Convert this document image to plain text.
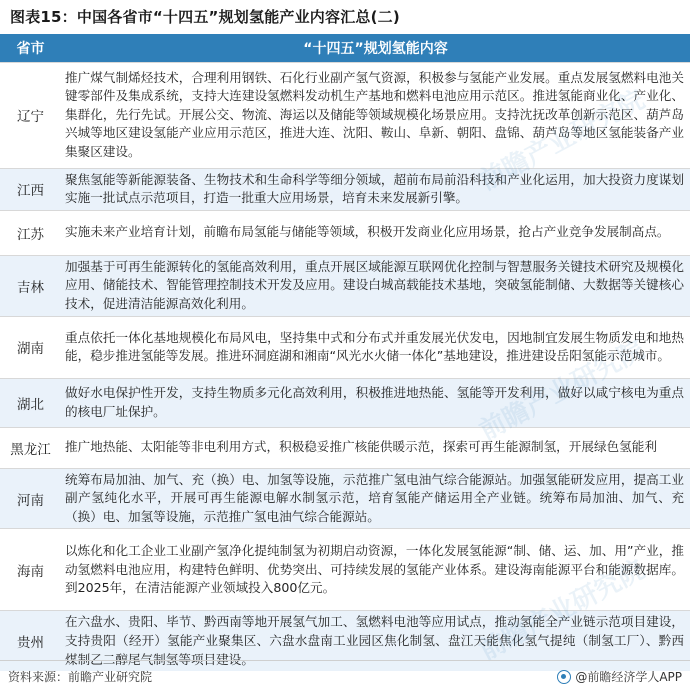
图表15：中国各省市“十四五”规划氢能产业内容汇总(二)
省市	“十四五”规划氢能内容
辽宁	推广煤气制烯烃技术，合理利用钢铁、石化行业副产氢气资源，积极参与氢能产业发展。重点发展氢燃料电池关键零部件及集成系统，支持大连建设氢燃料发动机生产基地和燃料电池应用示范区。推进氢能商业化、产业化、集群化，先行先试。开展公交、物流、海运以及储能等领域规模化场景应用。支持沈抚改革创新示范区、葫芦岛兴城等地区建设氢能产业应用示范区，推进大连、沈阳、鞍山、阜新、朝阳、盘锦、葫芦岛等地区氢能装备产业集聚区建设。
江西	聚焦氢能等新能源装备、生物技术和生命科学等细分领域，超前布局前沿科技和产业化运用，加大投资力度谋划实施一批试点示范项目，打造一批重大应用场景，培育未来发展新引擎。
江苏	实施未来产业培育计划，前瞻布局氢能与储能等领域，积极开发商业化应用场景，抢占产业竞争发展制高点。
吉林	加强基于可再生能源转化的氢能高效利用，重点开展区域能源互联网优化控制与智慧服务关键技术研究及规模化应用、储能技术、智能管理控制技术开发及应用。建设白城高载能技术基地，突破氢能制储、大数据等关键核心技术，促进清洁能源高效化利用。
湖南	重点依托一体化基地规模化布局风电，坚持集中式和分布式并重发展光伏发电，因地制宜发展生物质发电和地热能，稳步推进氢能等发展。推进环洞庭湖和湘南“风光水火储一体化”基地建设，推进建设岳阳氢能示范城市。
湖北	做好水电保护性开发，支持生物质多元化高效利用，积极推进地热能、氢能等开发利用，做好以咸宁核电为重点的核电厂址保护。
黑龙江	推广地热能、太阳能等非电利用方式，积极稳妥推广核能供暖示范，探索可再生能源制氢，开展绿色氢能利
河南	统筹布局加油、加气、充（换）电、加氢等设施，示范推广氢电油气综合能源站。加强氢能研发应用，提高工业副产氢纯化水平，开展可再生能源电解水制氢示范，培育氢能产储运用全产业链。统筹布局加油、加气、充（换）电、加氢等设施，示范推广氢电油气综合能源站。
海南	以炼化和化工企业工业副产氢净化提纯制氢为初期启动资源，一体化发展氢能源“制、储、运、加、用”产业，推动氢燃料电池应用，构建特色鲜明、优势突出、可持续发展的氢能产业体系。建设海南能源平台和能源数据库。到2025年，在清洁能源产业领域投入800亿元。
贵州	在六盘水、贵阳、毕节、黔西南等地开展氢气加工、氢燃料电池等应用试点，推动氢能全产业链示范项目建设，支持贵阳（经开）氢能产业聚集区、六盘水盘南工业园区焦化制氢、盘江天能焦化氢气提纯（制氢工厂）、黔西煤制乙二醇尾气制氢等项目建设。
资料来源：前瞻产业研究院	@前瞻经济学人APP
